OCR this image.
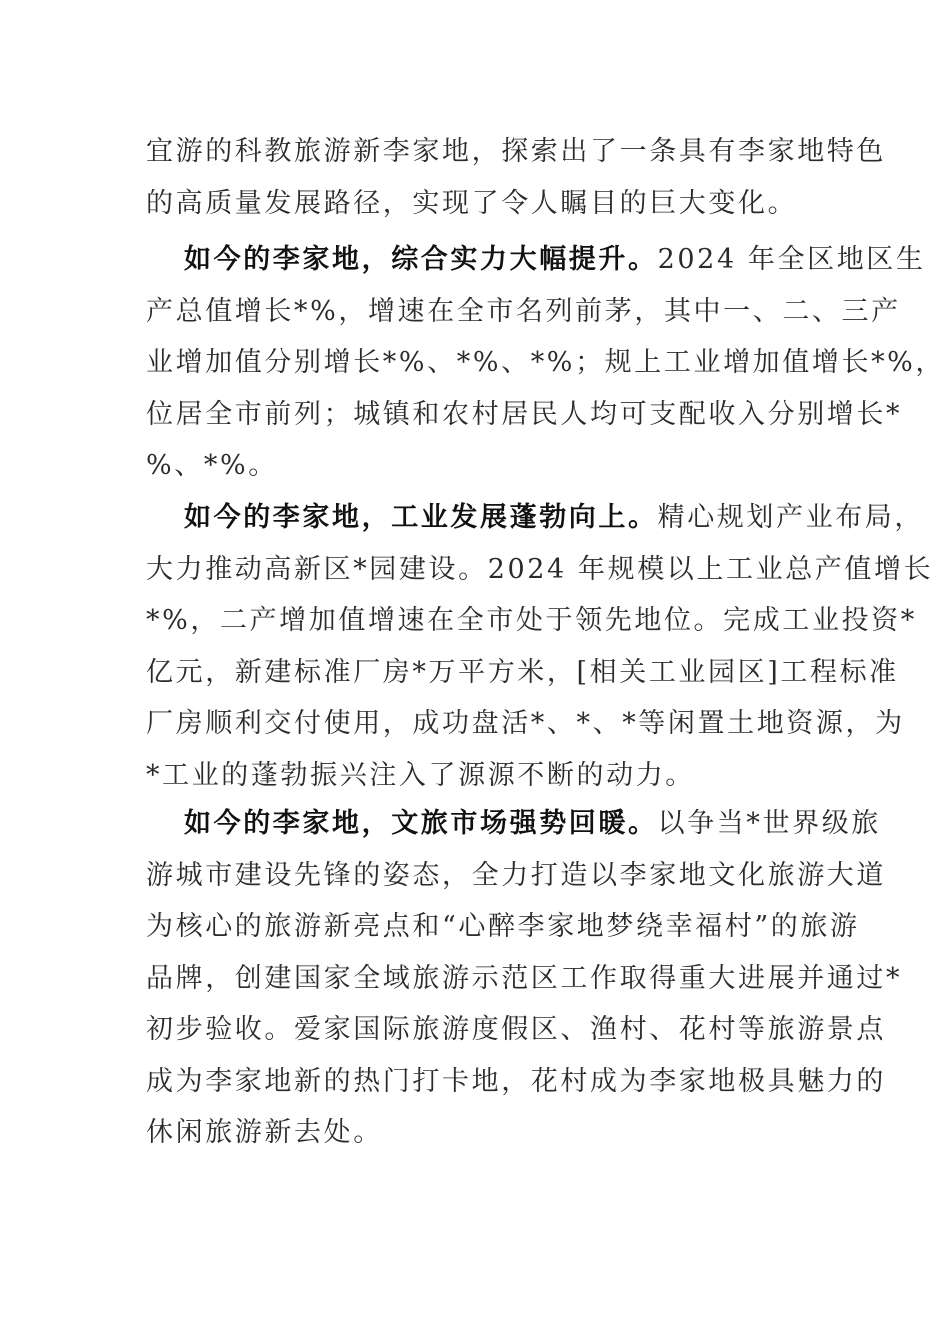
宜游的科教旅游新李家地，探索出了一条具有李家地特色
的高质量发展路径，实现了令人瞩目的巨大变化。
如今的李家地，综合实力大幅提升。2024 年全区地区生
产总值增长*%，增速在全市名列前茅，其中一、二、三产
业增加值分别增长*%、*%、*%；规上工业增加值增长*%，
位居全市前列；城镇和农村居民人均可支配收入分别增长*
%、*%。
如今的李家地，工业发展蓬勃向上。精心规划产业布局，
大力推动高新区*园建设。2024 年规模以上工业总产值增长
*%，二产增加值增速在全市处于领先地位。完成工业投资*
亿元，新建标准厂房*万平方米，[相关工业园区]工程标准
厂房顺利交付使用，成功盘活*、*、*等闲置土地资源，为
*工业的蓬勃振兴注入了源源不断的动力。
如今的李家地，文旅市场强势回暖。以争当*世界级旅
游城市建设先锋的姿态，全力打造以李家地文化旅游大道
为核心的旅游新亮点和“心醉李家地梦绕幸福村”的旅游
品牌，创建国家全域旅游示范区工作取得重大进展并通过*
初步验收。爱家国际旅游度假区、渔村、花村等旅游景点
成为李家地新的热门打卡地，花村成为李家地极具魅力的
休闲旅游新去处。
